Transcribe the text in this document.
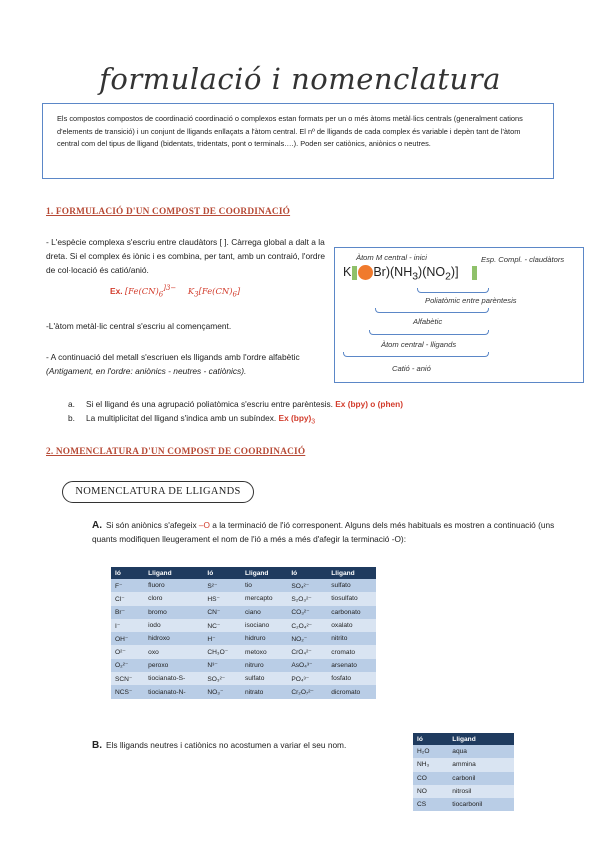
formulació i nomenclatura
Els compostos compostos de coordinació coordinació o complexos estan formats per un o més àtoms metàl·lics centrals (generalment cations d'elements de transició) i un conjunt de lligands enllaçats a l'àtom central. El nº de lligands de cada complex és variable i depèn tant de l'àtom central com del tipus de lligand (bidentats, tridentats, pont o terminals….). Poden ser catiònics, aniònics o neutres.
1. FORMULACIÓ D'UN COMPOST DE COORDINACIÓ
- L'espècie complexa s'escriu entre claudàtors [ ]. Càrrega global a dalt a la dreta. Si el complex és iònic i es combina, per tant, amb un contraió, l'ordre de col·locació és catió/anió.
Ex. [$Fe(CN)_6^{]3-}$ $K_3[Fe(CN)_6]$
-L'àtom metàl·lic central s'escriu al començament.
- A continuació del metall s'escriuen els lligands amb l'ordre alfabètic (Antigament, en l'ordre: aniònics - neutres - catiònics).
Àtom M central - inici	Esp. Compl. - claudàtors
K $Br)(NH_3)(NO_2)$]
Poliatòmic entre parèntesis
Alfabètic
Àtom central - lligands
Catió - anió
a. Si el lligand és una agrupació poliatòmica s'escriu entre parèntesis. Ex (bpy) o (phen)
b. La multiplicitat del lligand s'indica amb un subíndex. Ex $(bpy)_3$
2. NOMENCLATURA D'UN COMPOST DE COORDINACIÓ
NOMENCLATURA DE LLIGANDS
A. Si són aniònics s'afegeix –O a la terminació de l'ió corresponent. Alguns dels més habituals es mostren a continuació (uns quants modifiquen lleugerament el nom de l'ió a més a més d'afegir la terminació -O):
Ió	Lligand	Ió	Lligand	Ió	Lligand
F⁻	fluoro	S²⁻	tio	SO₄²⁻	sulfato
Cl⁻	cloro	HS⁻	mercapto	S₂O₃²⁻	tiosulfato
Br⁻	bromo	CN⁻	ciano	CO₃²⁻	carbonato
I⁻	iodo	NC⁻	isociano	C₂O₄²⁻	oxalato
OH⁻	hidroxo	H⁻	hidruro	NO₂⁻	nitrito
O²⁻	oxo	CH₃O⁻	metoxo	CrO₄²⁻	cromato
O₂²⁻	peroxo	N³⁻	nitruro	AsO₄³⁻	arsenato
SCN⁻	tiocianato-S-	SO₃²⁻	sulfato	PO₄³⁻	fosfato
NCS⁻	tiocianato-N-	NO₃⁻	nitrato	Cr₂O₇²⁻	dicromato
B. Els lligands neutres i catiònics no acostumen a variar el seu nom.
Ió	Lligand
H₂O	aqua
NH₃	ammina
CO	carbonil
NO	nitrosil
CS	tiocarbonil
